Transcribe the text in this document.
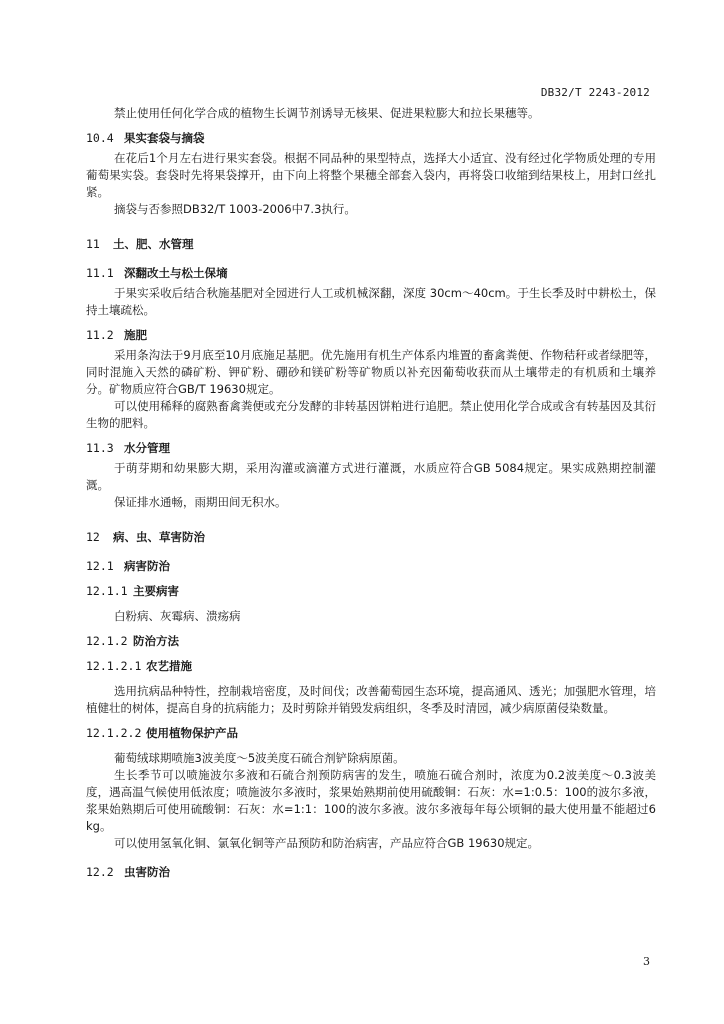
DB32/T 2243-2012

禁止使用任何化学合成的植物生长调节剂诱导无核果、促进果粒膨大和拉长果穗等。

10.4 果实套袋与摘袋

在花后1个月左右进行果实套袋。根据不同品种的果型特点，选择大小适宜、没有经过化学物质处理的专用葡萄果实袋。套袋时先将果袋撑开，由下向上将整个果穗全部套入袋内，再将袋口收缩到结果枝上，用封口丝扎紧。

摘袋与否参照DB32/T 1003-2006中7.3执行。

11	土、肥、水管理
11.1 深翻改土与松土保墒

于果实采收后结合秋施基肥对全园进行人工或机械深翻，深度 30cm～40cm。于生长季及时中耕松土，保持土壤疏松。

11.2 施肥

采用条沟法于9月底至10月底施足基肥。优先施用有机生产体系内堆置的畜禽粪便、作物秸秆或者绿肥等，同时混施入天然的磷矿粉、钾矿粉、硼砂和镁矿粉等矿物质以补充因葡萄收获而从土壤带走的有机质和土壤养分。矿物质应符合GB/T 19630规定。

可以使用稀释的腐熟畜禽粪便或充分发酵的非转基因饼粕进行追肥。禁止使用化学合成或含有转基因及其衍生物的肥料。

11.3 水分管理

于萌芽期和幼果膨大期，采用沟灌或滴灌方式进行灌溉，水质应符合GB 5084规定。果实成熟期控制灌溉。

保证排水通畅，雨期田间无积水。

12	病、虫、草害防治
12.1 病害防治
12.1.1 主要病害

白粉病、灰霉病、溃疡病

12.1.2 防治方法
12.1.2.1 农艺措施

选用抗病品种特性，控制栽培密度，及时间伐；改善葡萄园生态环境，提高通风、透光；加强肥水管理，培植健壮的树体，提高自身的抗病能力；及时剪除并销毁发病组织，冬季及时清园，减少病原菌侵染数量。

12.1.2.2 使用植物保护产品

葡萄绒球期喷施3波美度～5波美度石硫合剂铲除病原菌。

生长季节可以喷施波尔多液和石硫合剂预防病害的发生，喷施石硫合剂时，浓度为0.2波美度～0.3波美度，遇高温气候使用低浓度；喷施波尔多液时，浆果始熟期前使用硫酸铜：石灰：水=1:0.5：100的波尔多液，浆果始熟期后可使用硫酸铜：石灰：水=1:1：100的波尔多液。波尔多液每年每公顷铜的最大使用量不能超过6kg。

可以使用氢氧化铜、氯氧化铜等产品预防和防治病害，产品应符合GB 19630规定。

12.2 虫害防治
3
